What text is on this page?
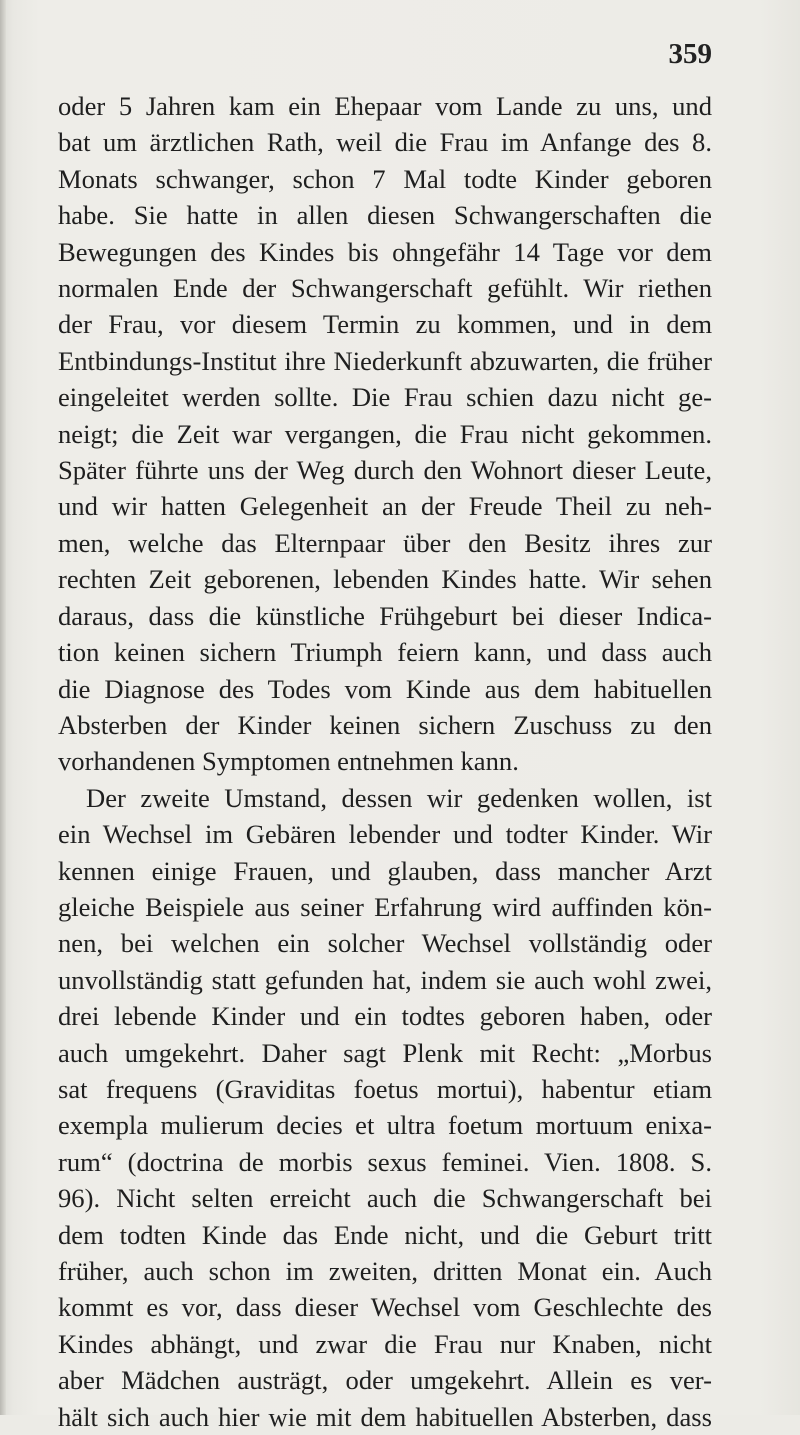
359
oder 5 Jahren kam ein Ehepaar vom Lande zu uns, und
bat um ärztlichen Rath, weil die Frau im Anfange des 8.
Monats schwanger, schon 7 Mal todte Kinder geboren
habe. Sie hatte in allen diesen Schwangerschaften die
Bewegungen des Kindes bis ohngefähr 14 Tage vor dem
normalen Ende der Schwangerschaft gefühlt. Wir riethen
der Frau, vor diesem Termin zu kommen, und in dem
Entbindungs-Institut ihre Niederkunft abzuwarten, die früher
eingeleitet werden sollte. Die Frau schien dazu nicht ge-
neigt; die Zeit war vergangen, die Frau nicht gekommen.
Später führte uns der Weg durch den Wohnort dieser Leute,
und wir hatten Gelegenheit an der Freude Theil zu neh-
men, welche das Elternpaar über den Besitz ihres zur
rechten Zeit geborenen, lebenden Kindes hatte. Wir sehen
daraus, dass die künstliche Frühgeburt bei dieser Indica-
tion keinen sichern Triumph feiern kann, und dass auch
die Diagnose des Todes vom Kinde aus dem habituellen
Absterben der Kinder keinen sichern Zuschuss zu den
vorhandenen Symptomen entnehmen kann.
Der zweite Umstand, dessen wir gedenken wollen, ist
ein Wechsel im Gebären lebender und todter Kinder. Wir
kennen einige Frauen, und glauben, dass mancher Arzt
gleiche Beispiele aus seiner Erfahrung wird auffinden kön-
nen, bei welchen ein solcher Wechsel vollständig oder
unvollständig statt gefunden hat, indem sie auch wohl zwei,
drei lebende Kinder und ein todtes geboren haben, oder
auch umgekehrt. Daher sagt Plenk mit Recht: „Morbus
sat frequens (Graviditas foetus mortui), habentur etiam
exempla mulierum decies et ultra foetum mortuum enixa-
rum“ (doctrina de morbis sexus feminei. Vien. 1808. S.
96). Nicht selten erreicht auch die Schwangerschaft bei
dem todten Kinde das Ende nicht, und die Geburt tritt
früher, auch schon im zweiten, dritten Monat ein. Auch
kommt es vor, dass dieser Wechsel vom Geschlechte des
Kindes abhängt, und zwar die Frau nur Knaben, nicht
aber Mädchen austrägt, oder umgekehrt. Allein es ver-
hält sich auch hier wie mit dem habituellen Absterben, dass
